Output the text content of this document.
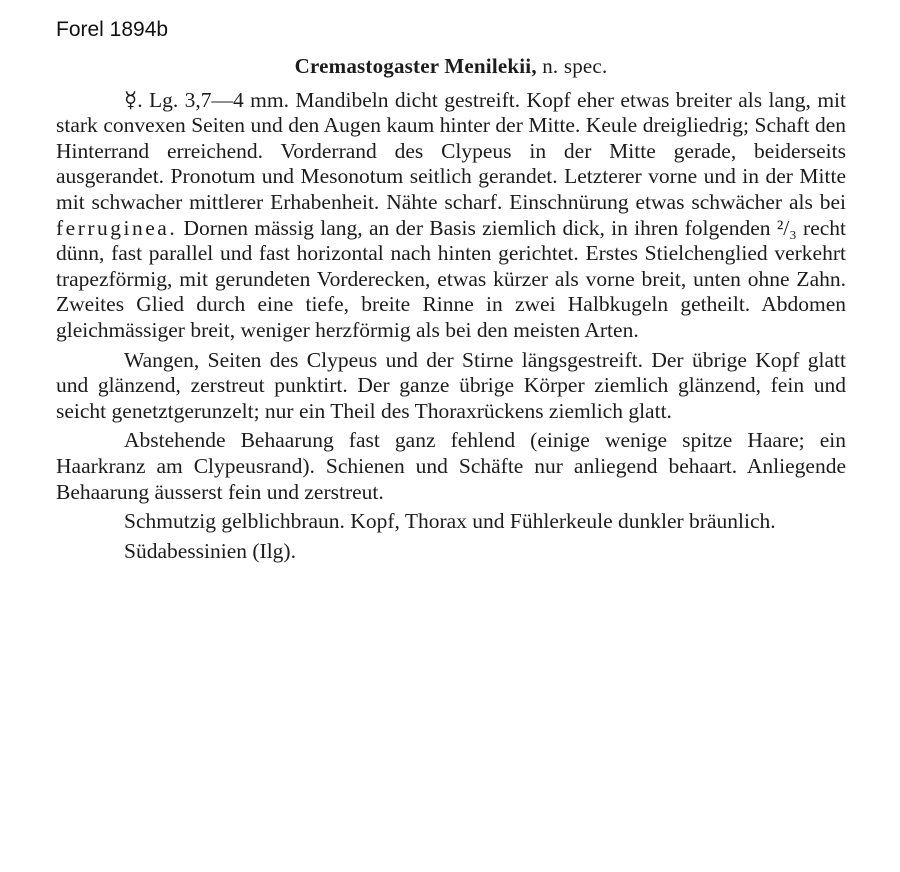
Forel 1894b
Cremastogaster Menilekii, n. spec.

☿. Lg. 3,7—4 mm. Mandibeln dicht gestreift. Kopf eher etwas breiter als lang, mit stark convexen Seiten und den Augen kaum hinter der Mitte. Keule dreigliedrig; Schaft den Hinterrand erreichend. Vorderrand des Clypeus in der Mitte gerade, beiderseits ausgerandet. Pronotum und Mesonotum seitlich gerandet. Letzterer vorne und in der Mitte mit schwacher mittlerer Erhabenheit. Nähte scharf. Einschnürung etwas schwächer als bei ferruginea. Dornen mässig lang, an der Basis ziemlich dick, in ihren folgenden ²/₃ recht dünn, fast parallel und fast horizontal nach hinten gerichtet. Erstes Stielchenglied verkehrt trapezförmig, mit gerundeten Vorderecken, etwas kürzer als vorne breit, unten ohne Zahn. Zweites Glied durch eine tiefe, breite Rinne in zwei Halbkugeln getheilt. Abdomen gleichmässiger breit, weniger herzförmig als bei den meisten Arten.

Wangen, Seiten des Clypeus und der Stirne längsgestreift. Der übrige Kopf glatt und glänzend, zerstreut punktirt. Der ganze übrige Körper ziemlich glänzend, fein und seicht genetztgerunzelt; nur ein Theil des Thoraxrückens ziemlich glatt.

Abstehende Behaarung fast ganz fehlend (einige wenige spitze Haare; ein Haarkranz am Clypeusrand). Schienen und Schäfte nur anliegend behaart. Anliegende Behaarung äusserst fein und zerstreut.

Schmutzig gelblichbraun. Kopf, Thorax und Fühlerkeule dunkler bräunlich.

Südabessinien (Ilg).
